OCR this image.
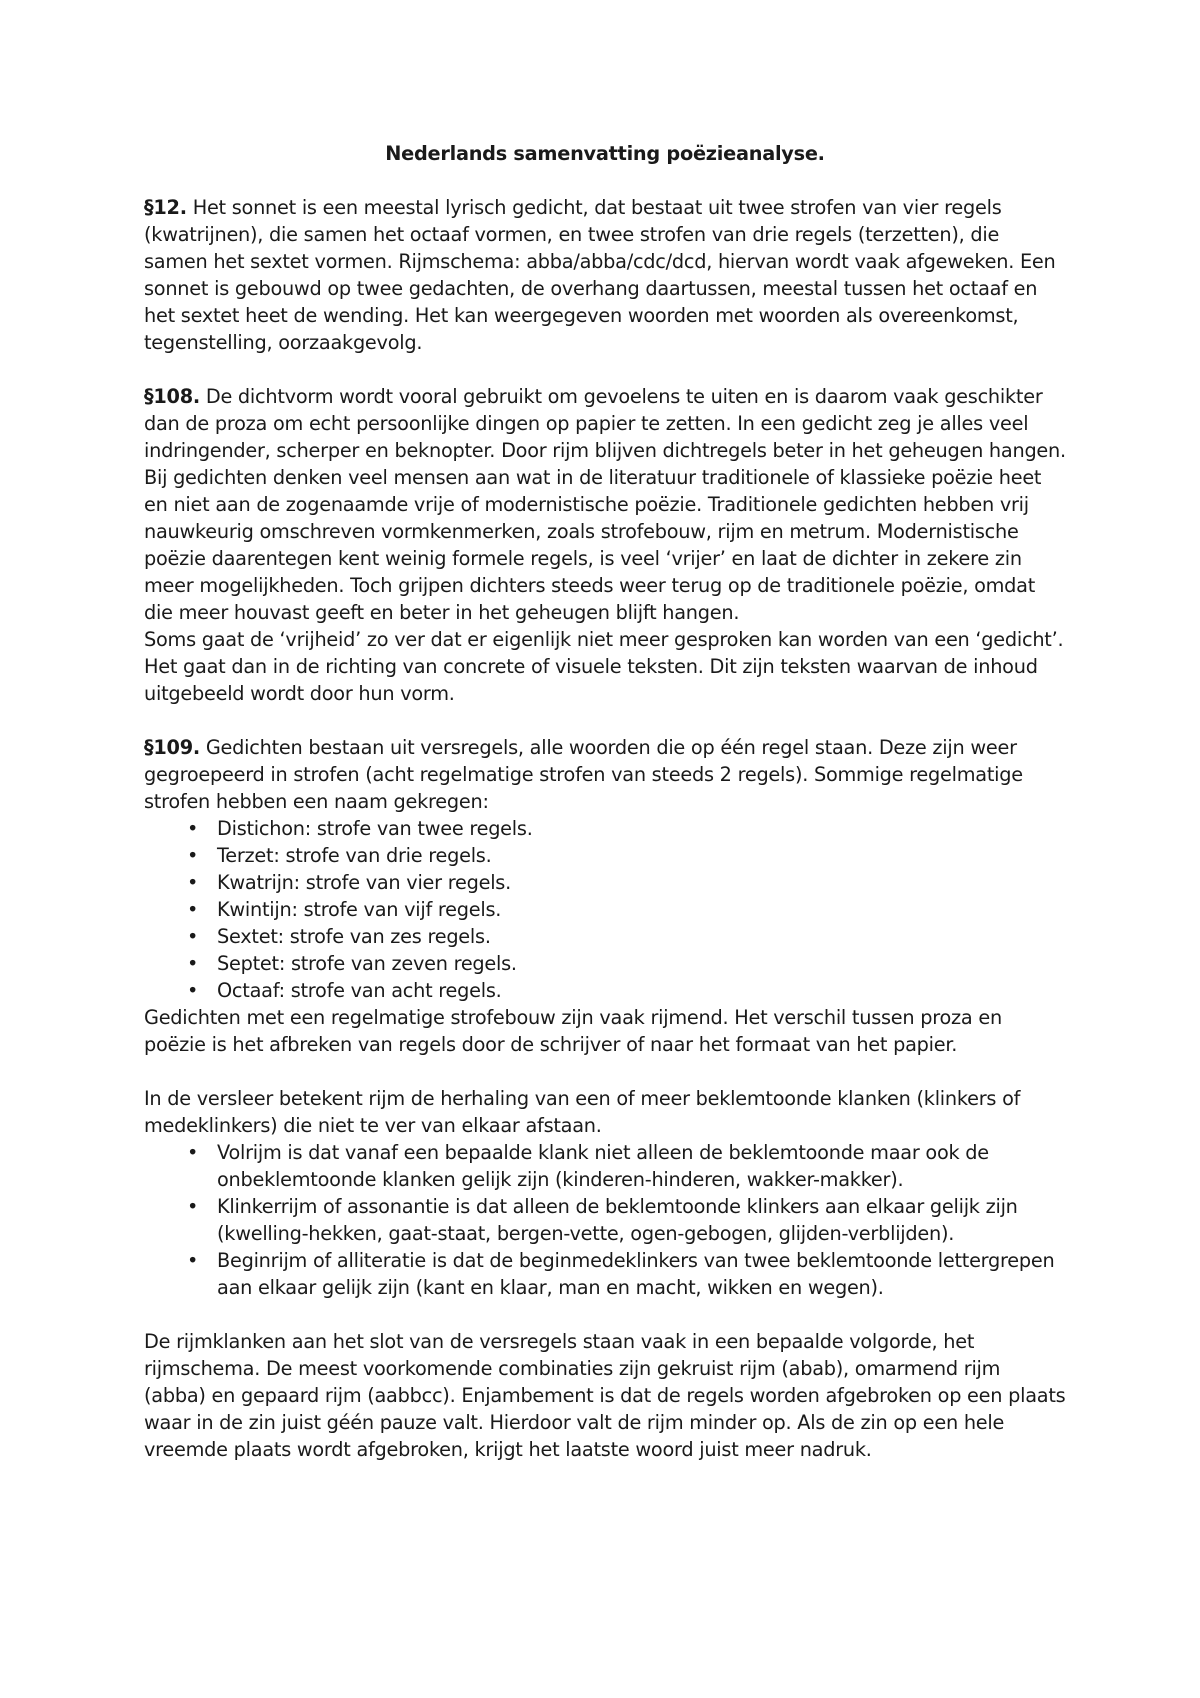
Nederlands samenvatting poëzieanalyse.

§12. Het sonnet is een meestal lyrisch gedicht, dat bestaat uit twee strofen van vier regels (kwatrijnen), die samen het octaaf vormen, en twee strofen van drie regels (terzetten), die samen het sextet vormen. Rijmschema: abba/abba/cdc/dcd, hiervan wordt vaak afgeweken. Een sonnet is gebouwd op twee gedachten, de overhang daartussen, meestal tussen het octaaf en het sextet heet de wending. Het kan weergegeven woorden met woorden als overeenkomst, tegenstelling, oorzaakgevolg.

§108. De dichtvorm wordt vooral gebruikt om gevoelens te uiten en is daarom vaak geschikter dan de proza om echt persoonlijke dingen op papier te zetten. In een gedicht zeg je alles veel indringender, scherper en beknopter. Door rijm blijven dichtregels beter in het geheugen hangen. Bij gedichten denken veel mensen aan wat in de literatuur traditionele of klassieke poëzie heet en niet aan de zogenaamde vrije of modernistische poëzie. Traditionele gedichten hebben vrij nauwkeurig omschreven vormkenmerken, zoals strofebouw, rijm en metrum. Modernistische poëzie daarentegen kent weinig formele regels, is veel ‘vrijer’ en laat de dichter in zekere zin meer mogelijkheden. Toch grijpen dichters steeds weer terug op de traditionele poëzie, omdat die meer houvast geeft en beter in het geheugen blijft hangen.

Soms gaat de ‘vrijheid’ zo ver dat er eigenlijk niet meer gesproken kan worden van een ‘gedicht’. Het gaat dan in de richting van concrete of visuele teksten. Dit zijn teksten waarvan de inhoud uitgebeeld wordt door hun vorm.

§109. Gedichten bestaan uit versregels, alle woorden die op één regel staan. Deze zijn weer gegroepeerd in strofen (acht regelmatige strofen van steeds 2 regels). Sommige regelmatige strofen hebben een naam gekregen:

• Distichon: strofe van twee regels.
• Terzet: strofe van drie regels.
• Kwatrijn: strofe van vier regels.
• Kwintijn: strofe van vijf regels.
• Sextet: strofe van zes regels.
• Septet: strofe van zeven regels.
• Octaaf: strofe van acht regels.

Gedichten met een regelmatige strofebouw zijn vaak rijmend. Het verschil tussen proza en poëzie is het afbreken van regels door de schrijver of naar het formaat van het papier.

In de versleer betekent rijm de herhaling van een of meer beklemtoonde klanken (klinkers of medeklinkers) die niet te ver van elkaar afstaan.

• Volrijm is dat vanaf een bepaalde klank niet alleen de beklemtoonde maar ook de onbeklemtoonde klanken gelijk zijn (kinderen-hinderen, wakker-makker).
• Klinkerrijm of assonantie is dat alleen de beklemtoonde klinkers aan elkaar gelijk zijn (kwelling-hekken, gaat-staat, bergen-vette, ogen-gebogen, glijden-verblijden).
• Beginrijm of alliteratie is dat de beginmedeklinkers van twee beklemtoonde lettergrepen aan elkaar gelijk zijn (kant en klaar, man en macht, wikken en wegen).

De rijmklanken aan het slot van de versregels staan vaak in een bepaalde volgorde, het rijmschema. De meest voorkomende combinaties zijn gekruist rijm (abab), omarmend rijm (abba) en gepaard rijm (aabbcc). Enjambement is dat de regels worden afgebroken op een plaats waar in de zin juist géén pauze valt. Hierdoor valt de rijm minder op. Als de zin op een hele vreemde plaats wordt afgebroken, krijgt het laatste woord juist meer nadruk.
